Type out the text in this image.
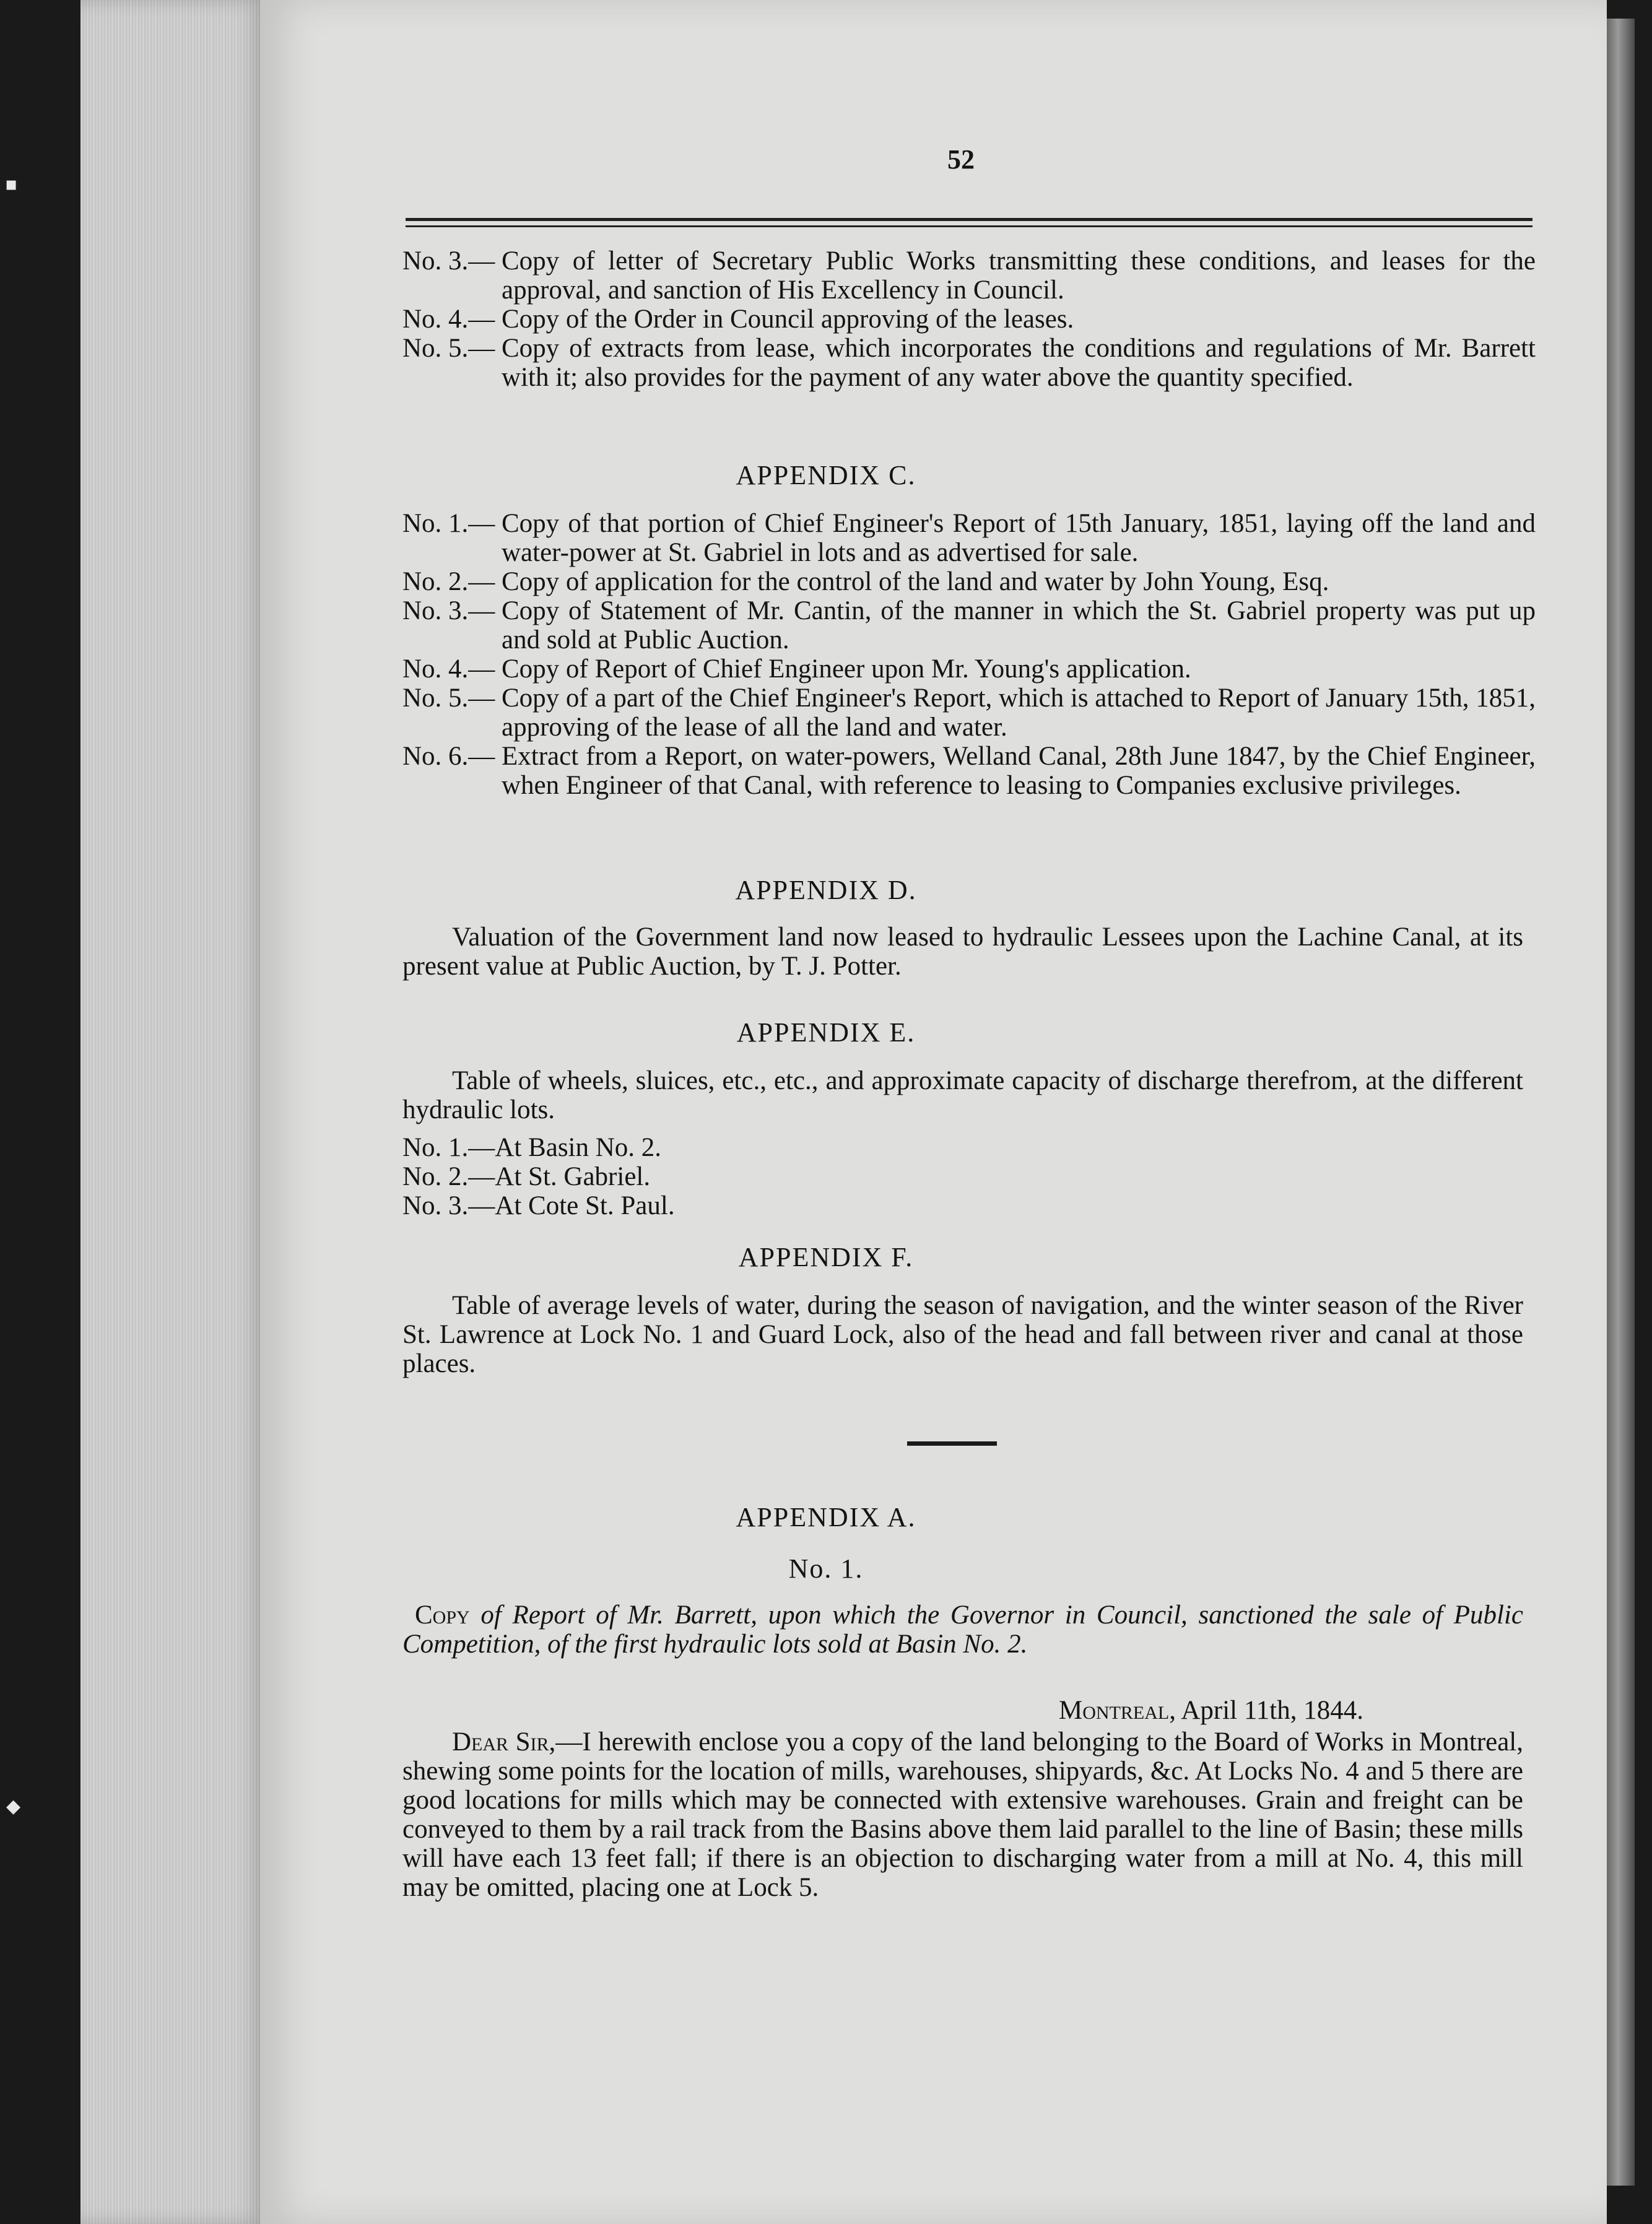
▪
◆
52
No. 3.— Copy of letter of Secretary Public Works transmitting these conditions, and leases for the approval, and sanction of His Excellency in Council.
No. 4.— Copy of the Order in Council approving of the leases.
No. 5.— Copy of extracts from lease, which incorporates the conditions and regulations of Mr. Barrett with it; also provides for the payment of any water above the quantity specified.
APPENDIX C.
No. 1.— Copy of that portion of Chief Engineer's Report of 15th January, 1851, laying off the land and water-power at St. Gabriel in lots and as advertised for sale.
No. 2.— Copy of application for the control of the land and water by John Young, Esq.
No. 3.— Copy of Statement of Mr. Cantin, of the manner in which the St. Gabriel property was put up and sold at Public Auction.
No. 4.— Copy of Report of Chief Engineer upon Mr. Young's application.
No. 5.— Copy of a part of the Chief Engineer's Report, which is attached to Report of January 15th, 1851, approving of the lease of all the land and water.
No. 6.— Extract from a Report, on water-powers, Welland Canal, 28th June 1847, by the Chief Engineer, when Engineer of that Canal, with reference to leasing to Companies exclusive privileges.
APPENDIX D.
Valuation of the Government land now leased to hydraulic Lessees upon the Lachine Canal, at its present value at Public Auction, by T. J. Potter.
APPENDIX E.
Table of wheels, sluices, etc., etc., and approximate capacity of discharge therefrom, at the different hydraulic lots.
No. 1.—At Basin No. 2.
No. 2.—At St. Gabriel.
No. 3.—At Cote St. Paul.
APPENDIX F.
Table of average levels of water, during the season of navigation, and the winter season of the River St. Lawrence at Lock No. 1 and Guard Lock, also of the head and fall between river and canal at those places.
APPENDIX A.
No. 1.
Copy of Report of Mr. Barrett, upon which the Governor in Council, sanctioned the sale of Public Competition, of the first hydraulic lots sold at Basin No. 2.
Montreal, April 11th, 1844.
Dear Sir,—I herewith enclose you a copy of the land belonging to the Board of Works in Montreal, shewing some points for the location of mills, warehouses, shipyards, &c. At Locks No. 4 and 5 there are good locations for mills which may be connected with extensive warehouses. Grain and freight can be conveyed to them by a rail track from the Basins above them laid parallel to the line of Basin; these mills will have each 13 feet fall; if there is an objection to discharging water from a mill at No. 4, this mill may be omitted, placing one at Lock 5.
